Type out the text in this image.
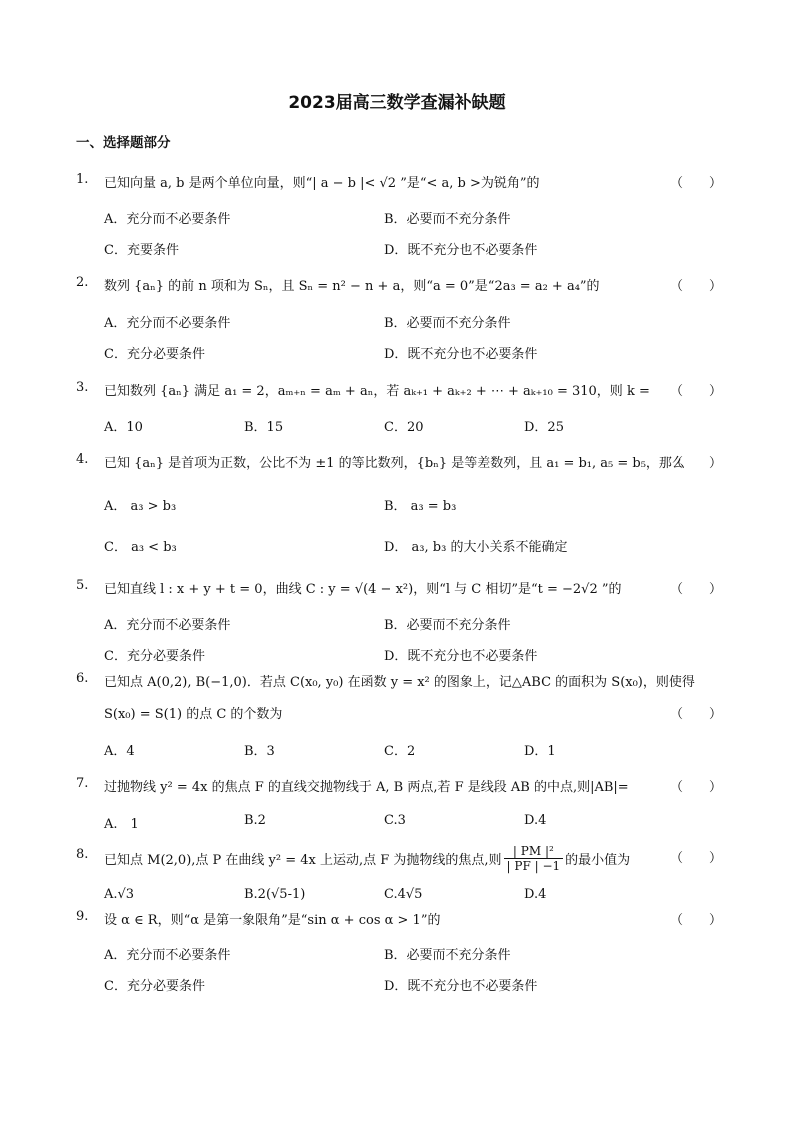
2023届高三数学查漏补缺题
一、选择题部分
1. 已知向量 a, b 是两个单位向量，则“| a − b |< √2 ”是“< a, b >为锐角”的	（　　）
A．充分而不必要条件	B．必要而不充分条件
C．充要条件	D．既不充分也不必要条件
2. 数列 {aₙ} 的前 n 项和为 Sₙ，且 Sₙ = n² − n + a，则“a = 0”是“2a₃ = a₂ + a₄”的	（　　）
A．充分而不必要条件	B．必要而不充分条件
C．充分必要条件	D．既不充分也不必要条件
3. 已知数列 {aₙ} 满足 a₁ = 2，aₘ₊ₙ = aₘ + aₙ，若 aₖ₊₁ + aₖ₊₂ + ⋯ + aₖ₊₁₀ = 310，则 k = （　　）
A．10	B．15	C．20	D．25
4. 已知 {aₙ} 是首项为正数，公比不为 ±1 的等比数列，{bₙ} 是等差数列，且 a₁ = b₁, a₅ = b₅，那么
（　　）
A． a₃ > b₃	B． a₃ = b₃
C． a₃ < b₃	D． a₃, b₃ 的大小关系不能确定
5. 已知直线 l : x + y + t = 0，曲线 C : y = √(4 − x²)，则“l 与 C 相切”是“t = −2√2 ”的	（　　）
A．充分而不必要条件	B．必要而不充分条件
C．充分必要条件	D．既不充分也不必要条件
6. 已知点 A(0,2), B(−1,0)．若点 C(x₀, y₀) 在函数 y = x² 的图象上，记△ABC 的面积为 S(x₀)，则使得
S(x₀) = S(1) 的点 C 的个数为	（　　）
A．4	B．3	C．2	D．1
7. 过抛物线 y² = 4x 的焦点 F 的直线交抛物线于 A, B 两点,若 F 是线段 AB 的中点,则|AB|=	（　　）
A.　1	B.2	C.3	D.4
8. 已知点 M(2,0),点 P 在曲线 y² = 4x 上运动,点 F 为抛物线的焦点,则 $\frac{\text{| PM |²}}{| PF | -1}$ 的最小值为	（　　）
A.√3	B.2(√5-1)	C.4√5	D.4
9. 设 α ∈ R，则“α 是第一象限角”是“sin α + cos α > 1”的	（　　）
A．充分而不必要条件	B．必要而不充分条件
C．充分必要条件	D．既不充分也不必要条件
